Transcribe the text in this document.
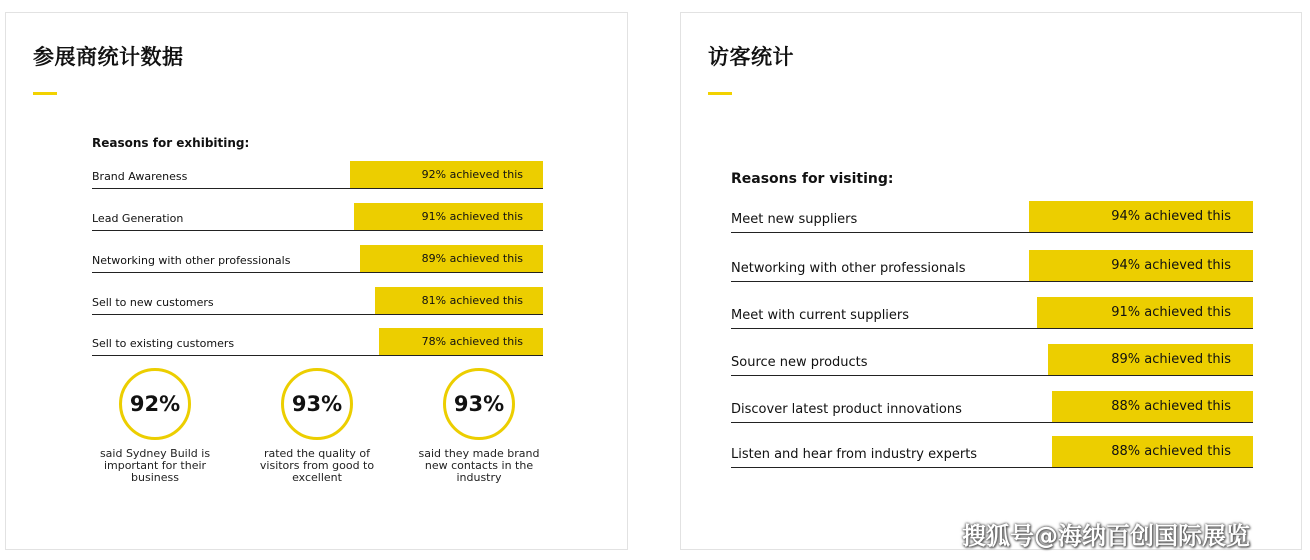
参展商统计数据
Reasons for exhibiting:
Brand Awareness	92% achieved this
Lead Generation	91% achieved this
Networking with other professionals	89% achieved this
Sell to new customers	81% achieved this
Sell to existing customers	78% achieved this
92%
said Sydney Build is important for their business
93%
rated the quality of visitors from good to excellent
93%
said they made brand new contacts in the industry
访客统计
Reasons for visiting:
Meet new suppliers	94% achieved this
Networking with other professionals	94% achieved this
Meet with current suppliers	91% achieved this
Source new products	89% achieved this
Discover latest product innovations	88% achieved this
Listen and hear from industry experts	88% achieved this
搜狐号@海纳百创国际展览
